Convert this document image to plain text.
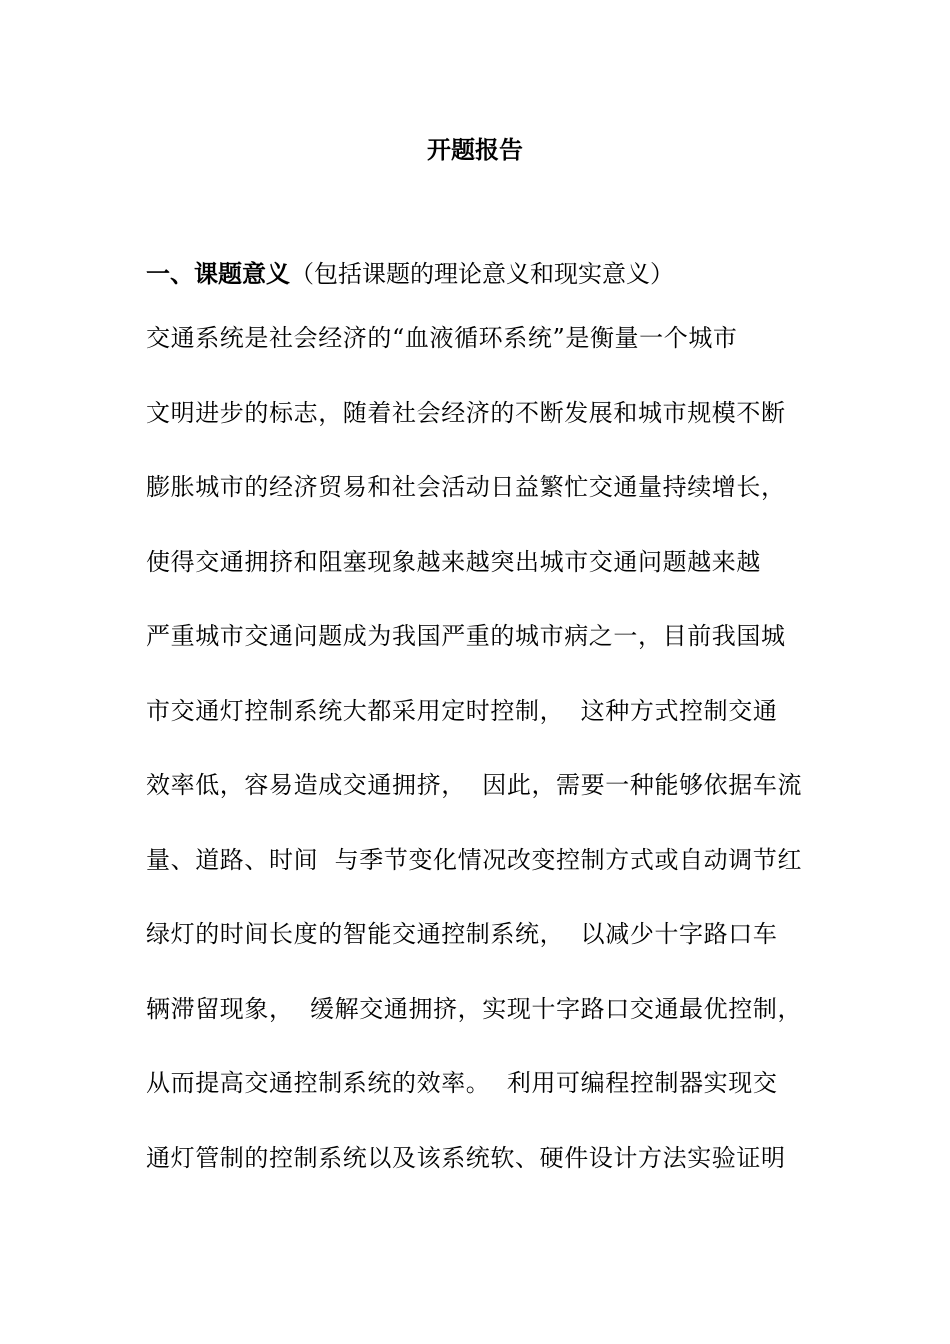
开题报告
一、课题意义（包括课题的理论意义和现实意义）
交通系统是社会经济的“血液循环系统”是衡量一个城市
文明进步的标志，随着社会经济的不断发展和城市规模不断
膨胀城市的经济贸易和社会活动日益繁忙交通量持续增长，
使得交通拥挤和阻塞现象越来越突出城市交通问题越来越
严重城市交通问题成为我国严重的城市病之一，目前我国城
市交通灯控制系统大都采用定时控制，  这种方式控制交通
效率低，容易造成交通拥挤，  因此，需要一种能够依据车流
量、道路、时间  与季节变化情况改变控制方式或自动调节红
绿灯的时间长度的智能交通控制系统，  以减少十字路口车
辆滞留现象，  缓解交通拥挤，实现十字路口交通最优控制，
从而提高交通控制系统的效率。  利用可编程控制器实现交
通灯管制的控制系统以及该系统软、硬件设计方法实验证明
